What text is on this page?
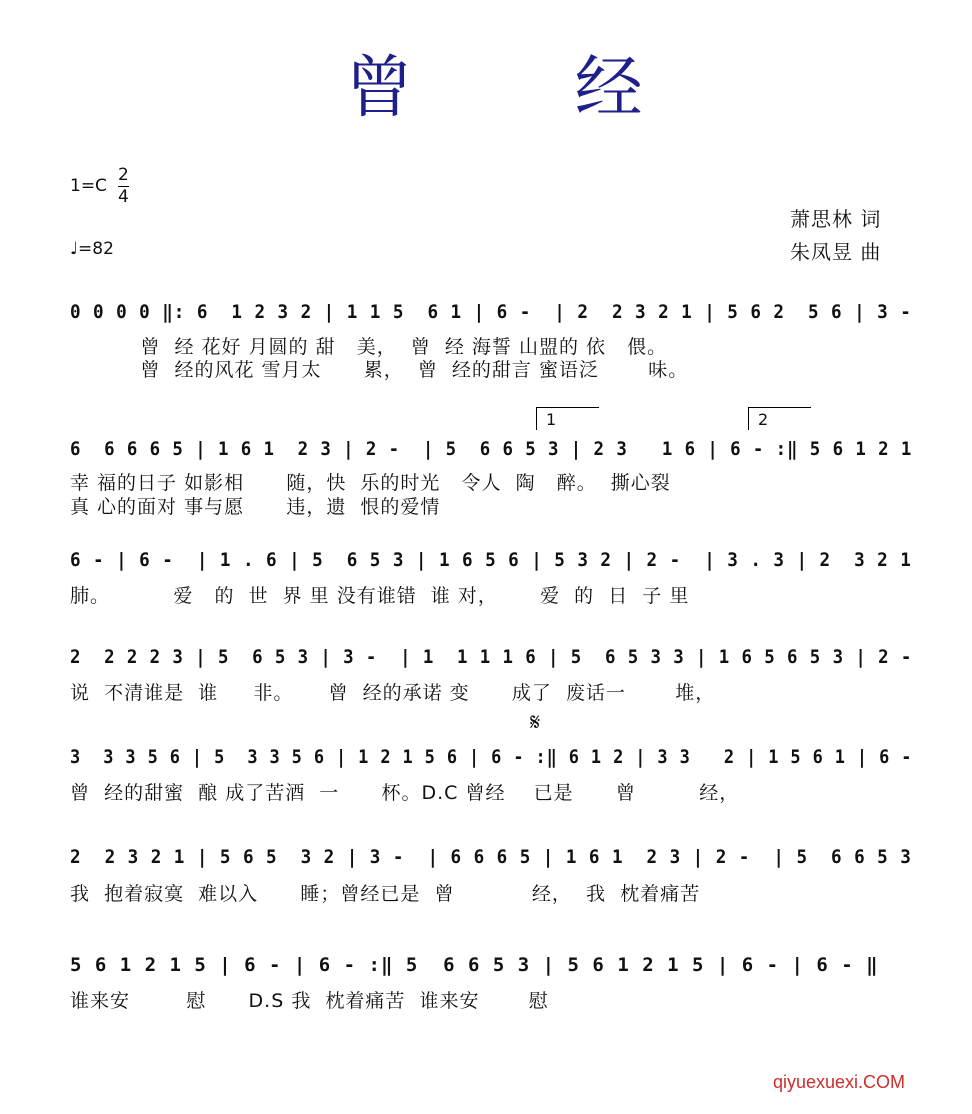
曾 经
$1=C \frac{2}{4}$
♩=82
萧思林 词
朱凤昱 曲
0 0 0 0 ‖: 6  1 2 3 2 | 1 1 5  6 1 | 6 -  | 2  2 3 2 1 | 5 6 2  5 6 | 3 -
曾  经 花好 月圆的 甜   美，  曾  经 海誓 山盟的 依   偎。
曾  经的风花 雪月太      累，  曾  经的甜言 蜜语泛       味。
1	2
6  6 6 6 5 | 1 6 1  2 3 | 2 -  | 5  6 6 5 3 | 2 3   1 6 | 6 - :‖ 5 6 1 2 1
幸 福的日子 如影相      随，快  乐的时光   令人  陶   醉。  撕心裂
真 心的面对 事与愿      违，遗  恨的爱情
6 - | 6 -  | 1 . 6 | 5  6 5 3 | 1 6 5 6 | 5 3 2 | 2 -  | 3 . 3 | 2  3 2 1
肺。         爱   的  世  界 里 没有谁错  谁 对，      爱  的  日  子 里
2  2 2 2 3 | 5  6 5 3 | 3 -  | 1  1 1 1 6 | 5  6 5 3 3 | 1 6 5 6 5 3 | 2 -
说  不清谁是  谁     非。     曾  经的承诺 变      成了  废话一       堆，
𝄋
3  3 3 5 6 | 5  3 3 5 6 | 1 2 1 5 6 | 6 - :‖ 6 1 2 | 3 3   2 | 1 5 6 1 | 6 -
曾  经的甜蜜  酿 成了苦酒  一      杯。D.C 曾经    已是      曾         经，
2  2 3 2 1 | 5 6 5  3 2 | 3 -  | 6 6 6 5 | 1 6 1  2 3 | 2 -  | 5  6 6 5 3
我  抱着寂寞  难以入      睡；曾经已是  曾           经，  我  枕着痛苦
5 6 1 2 1 5 | 6 - | 6 - :‖ 5  6 6 5 3 | 5 6 1 2 1 5 | 6 - | 6 - ‖
谁来安        慰      D.S 我  枕着痛苦  谁来安       慰
qiyuexuexi.COM
